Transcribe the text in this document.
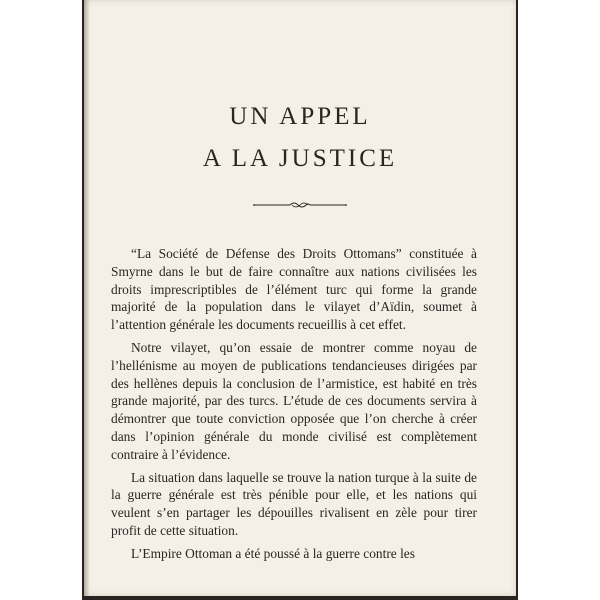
UN APPEL
A LA JUSTICE

“La Société de Défense des Droits Ottomans” constituée à Smyrne dans le but de faire connaître aux nations civilisées les droits imprescriptibles de l’élément turc qui forme la grande majorité de la population dans le vilayet d’Aïdin, soumet à l’attention générale les documents recueillis à cet effet.

Notre vilayet, qu’on essaie de montrer comme noyau de l’hellénisme au moyen de publications tendancieuses dirigées par des hellènes depuis la conclusion de l’armistice, est habité en très grande majorité, par des turcs. L’étude de ces documents servira à démontrer que toute conviction opposée que l’on cherche à créer dans l’opinion générale du monde civilisé est complètement contraire à l’évidence.

La situation dans laquelle se trouve la nation turque à la suite de la guerre générale est très pénible pour elle, et les nations qui veulent s’en partager les dépouilles rivalisent en zèle pour tirer profit de cette situation.

L’Empire Ottoman a été poussé à la guerre contre les
